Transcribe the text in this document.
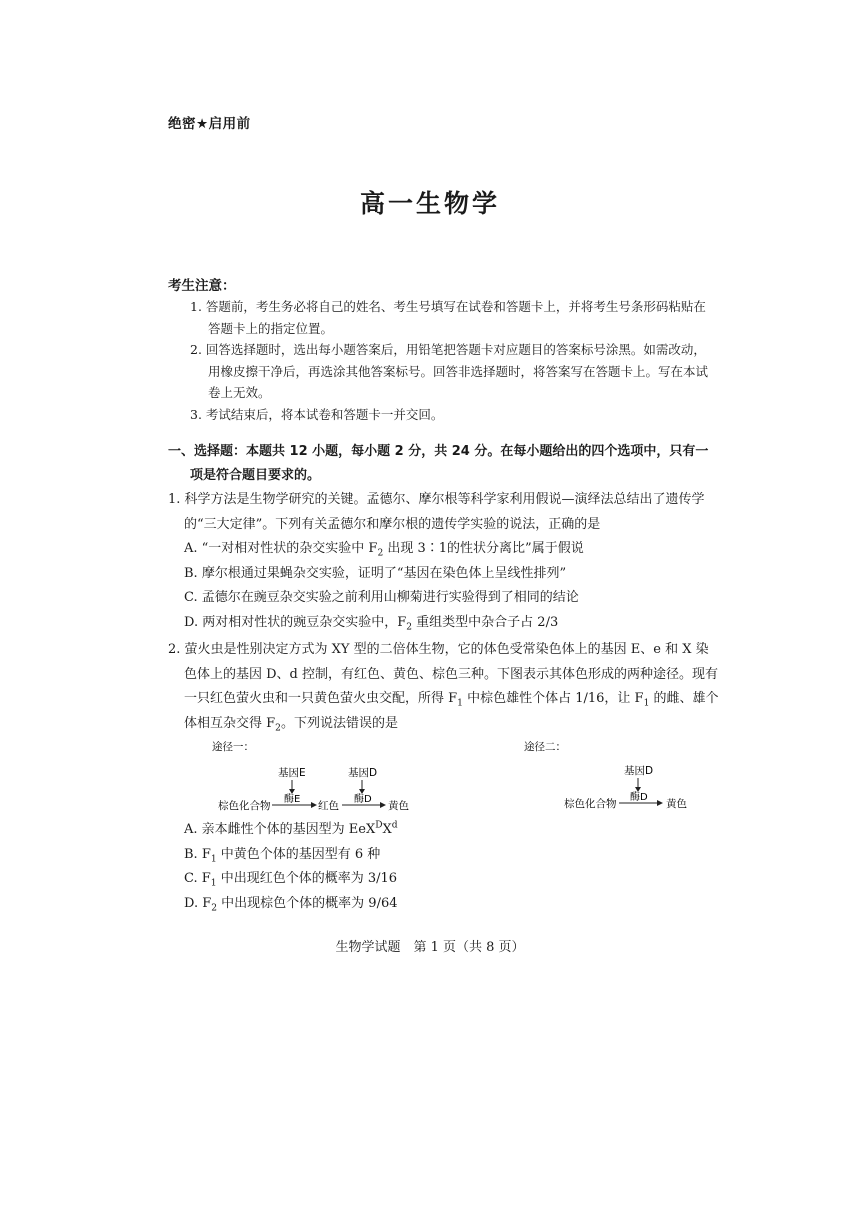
绝密★启用前
高一生物学
考生注意：

1. 答题前，考生务必将自己的姓名、考生号填写在试卷和答题卡上，并将考生号条形码粘贴在答题卡上的指定位置。

2. 回答选择题时，选出每小题答案后，用铅笔把答题卡对应题目的答案标号涂黑。如需改动，用橡皮擦干净后，再选涂其他答案标号。回答非选择题时，将答案写在答题卡上。写在本试卷上无效。

3. 考试结束后，将本试卷和答题卡一并交回。

一、选择题：本题共 12 小题，每小题 2 分，共 24 分。在每小题给出的四个选项中，只有一项是符合题目要求的。

1. 科学方法是生物学研究的关键。孟德尔、摩尔根等科学家利用假说—演绎法总结出了遗传学的“三大定律”。下列有关孟德尔和摩尔根的遗传学实验的说法，正确的是

A. “一对相对性状的杂交实验中 $F_2$ 出现 3∶1的性状分离比”属于假说

B. 摩尔根通过果蝇杂交实验，证明了“基因在染色体上呈线性排列”

C. 孟德尔在豌豆杂交实验之前利用山柳菊进行实验得到了相同的结论

D. 两对相对性状的豌豆杂交实验中，$F_2$ 重组类型中杂合子占 2/3

2. 萤火虫是性别决定方式为 XY 型的二倍体生物，它的体色受常染色体上的基因 E、e 和 X 染色体上的基因 D、d 控制，有红色、黄色、棕色三种。下图表示其体色形成的两种途径。现有一只红色萤火虫和一只黄色萤火虫交配，所得 $F_1$ 中棕色雄性个体占 1/16，让 $F_1$ 的雌、雄个体相互杂交得 $F_2$。下列说法错误的是

途径一：
基因E	基因D
酶E	酶D
棕色化合物	红色	黄色
途径二：
基因D
酶D
棕色化合物	黄色

A. 亲本雌性个体的基因型为 $EeX^DX^d$

B. $F_1$ 中黄色个体的基因型有 6 种

C. $F_1$ 中出现红色个体的概率为 3/16

D. $F_2$ 中出现棕色个体的概率为 9/64

生物学试题　第 1 页（共 8 页）
